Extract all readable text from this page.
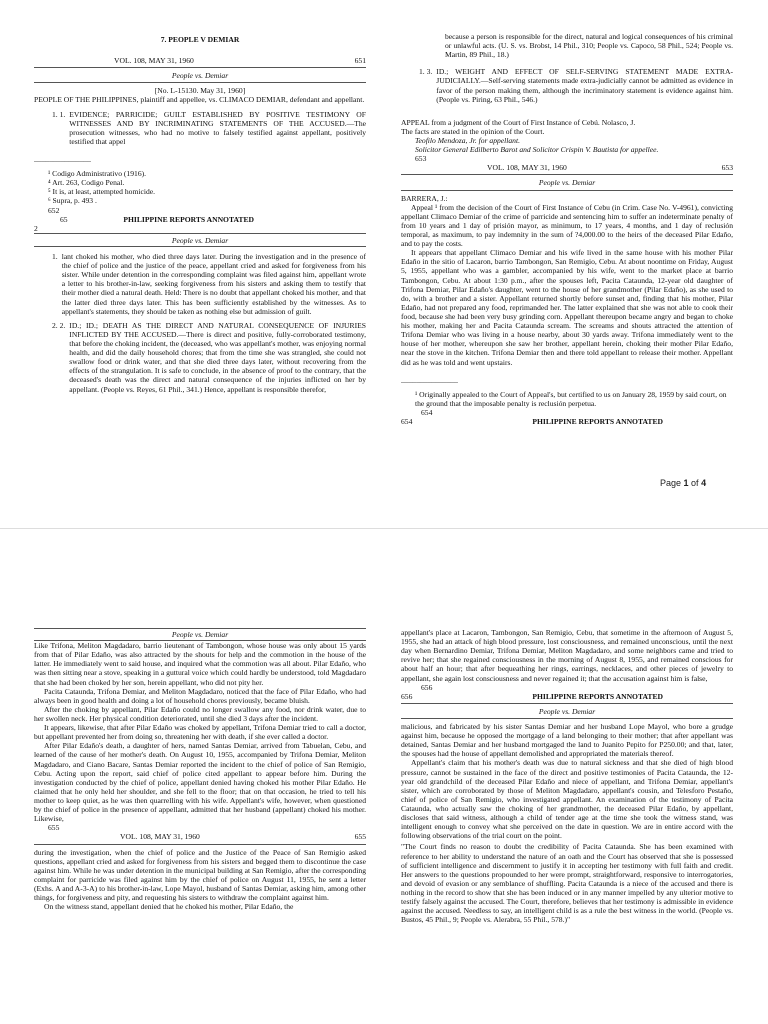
7. PEOPLE V DEMIAR
VOL. 108, MAY 31, 1960	651
People vs. Demiar
[No. L-15130. May 31, 1960]
PEOPLE OF THE PHILIPPINES, plaintiff and appellee, vs. CLIMACO DEMIAR, defendant and appellant.
1. 1. EVIDENCE; PARRICIDE; GUILT ESTABLISHED BY POSITIVE TESTIMONY OF WITNESSES AND BY INCRIMINATING STATEMENTS OF THE ACCUSED.—The prosecution witnesses, who had no motive to falsely testified against appellant, positively testified that appel
_______________
¹ Codigo Administrativo (1916).
⁴ Art. 263, Codigo Penal.
⁵ It is, at least, attempted homicide.
⁶ Supra, p. 493 .
652
65	PHILIPPINE REPORTS ANNOTATED
2
People vs. Demiar
1. lant choked his mother, who died three days later. During the investigation and in the presence of the chief of police and the justice of the peace, appellant cried and asked for forgiveness from his sister. While under detention in the corresponding complaint was filed against him, appellant wrote a letter to his brother-in-law, seeking forgiveness from his sisters and asking them to testify that their mother died a natural death. Held: There is no doubt that appellant choked his mother, and that the latter died three days later. This has been sufficiently established by the witnesses. As to appellant's statements, they should be taken as nothing else but admission of guilt.
2. 2. ID.; ID.; DEATH AS THE DIRECT AND NATURAL CONSEQUENCE OF INJURIES INFLICTED BY THE ACCUSED.—There is direct and positive, fully-corroborated testimony, that before the choking incident, the (deceased, who was appellant's mother, was enjoying normal health, and did the daily household chores; that from the time she was strangled, she could not swallow food or drink water, and that she died three days later, without recovering from the effects of the strangulation. It is safe to conclude, in the absence of proof to the contrary, that the deceased's death was the direct and natural consequence of the injuries inflicted on her by appellant. (People vs. Reyes, 61 Phil., 341.) Hence, appellant is responsible therefor,
because a person is responsible for the direct, natural and logical consequences of his criminal or unlawful acts. (U. S. vs. Brobst, 14 Phil., 310; People vs. Capoco, 58 Phil., 524; People vs. Martin, 89 Phil., 18.)
1. 3. ID.; WEIGHT AND EFFECT OF SELF-SERVING STATEMENT MADE EXTRA-JUDICIALLY.—Self-serving statements made extra-judicially cannot be admitted as evidence in favor of the person making them, although the incriminatory statement is evidence against him. (People vs. Piring, 63 Phil., 546.)
APPEAL from a judgment of the Court of First Instance of Cebú. Nolasco, J.
The facts are stated in the opinion of the Court.
Teofilo Mendoza, Jr. for appellant.
Solicitor General Edilberto Barot and Solicitor Crispin V. Bautista for appellee.
653
VOL. 108, MAY 31, 1960	653
People vs. Demiar
BARRERA, J.:

Appeal ¹ from the decision of the Court of First Instance of Cebu (in Crim. Case No. V-4961), convicting appellant Climaco Demiar of the crime of parricide and sentencing him to suffer an indeterminate penalty of from 10 years and 1 day of prisión mayor, as minimum, to 17 years, 4 months, and 1 day of reclusión temporal, as maximum, to pay indemnity in the sum of ?4,000.00 to the heirs of the deceased Pilar Edaño, and to pay the costs.

It appears that appellant Climaco Demiar and his wife lived in the same house with his mother Pilar Edaño in the sitio of Lacaron, barrio Tambongon, San Remigio, Cebu. At about noontime on Friday, August 5, 1955, appellant who was a gambler, accompanied by his wife, went to the market place at barrio Tambongon, Cebu. At about 1:30 p.m., after the spouses left, Pacita Cataunda, 12-year old daughter of Trifona Demiar, Pilar Edaño's daughter, went to the house of her grandmother (Pilar Edaño), as she used to do, with a brother and a sister. Appellant returned shortly before sunset and, finding that his mother, Pilar Edaño, had not prepared any food, reprimanded her. The latter explained that she was not able to cook their food, because she had been very busy grinding corn. Appellant thereupon became angry and began to choke his mother, making her and Pacita Cataunda scream. The screams and shouts attracted the attention of Trifona Demiar who was living in a house nearby, about 30 yards away. Trifona immediately went to the house of her mother, whereupon she saw her brother, appellant herein, choking their mother Pilar Edaño, near the stove in the kitchen. Trifona Demiar then and there told appellant to release their mother. Appellant did as he was told and went upstairs.

_______________
¹ Originally appealed to the Court of Appeal's, but certified to us on January 28, 1959 by said court, on the ground that the imposable penalty is reclusión perpetua.
654
654	PHILIPPINE REPORTS ANNOTATED
Page 1 of 4
People vs. Demiar

Like Trifona, Meliton Magdadaro, barrio lieutenant of Tambongon, whose house was only about 15 yards from that of Pilar Edaño, was also attracted by the shouts for help and the commotion in the house of the latter. He immediately went to said house, and inquired what the commotion was all about. Pilar Edaño, who was then sitting near a stove, speaking in a guttural voice which could hardly be understood, told Magdadaro that she had been choked by her son, herein appellant, who did not pity her.

Pacita Cataunda, Trifona Demiar, and Meliton Magdadaro, noticed that the face of Pilar Edaño, who had always been in good health and doing a lot of household chores previously, became bluish.

After the choking by appellant, Pilar Edaño could no longer swallow any food, nor drink water, due to her swollen neck. Her physical condition deteriorated, until she died 3 days after the incident.

It appears, likewise, that after Pilar Edaño was choked by appellant, Trifona Demiar tried to call a doctor, but appellant prevented her from doing so, threatening her with death, if she ever called a doctor.

After Pilar Edaño's death, a daughter of hers, named Santas Demiar, arrived from Tabuelan, Cebu, and learned of the cause of her mother's death. On August 10, 1955, accompanied by Trifona Demiar, Meliton Magdadaro, and Ciano Bacare, Santas Demiar reported the incident to the chief of police of San Remigio, Cebu. Acting upon the report, said chief of police cited appellant to appear before him. During the investigation conducted by the chief of police, appellant denied having choked his mother Pilar Edaño. He claimed that he only held her shoulder, and she fell to the floor; that on that occasion, he tried to tell his mother to keep quiet, as he was then quarrelling with his wife. Appellant's wife, however, when questioned by the chief of police in the presence of appellant, admitted that her husband (appellant) choked his mother. Likewise,

655
VOL. 108, MAY 31, 1960	655

during the investigation, when the chief of police and the Justice of the Peace of San Remigio asked questions, appellant cried and asked for forgiveness from his sisters and begged them to discontinue the case against him. While he was under detention in the municipal building at San Remigio, after the corresponding complaint for parricide was filed against him by the chief of police on August 11, 1955, he sent a letter (Exhs. A and A-3-A) to his brother-in-law, Lope Mayol, husband of Santas Demiar, asking him, among other things, for forgiveness and pity, and requesting his sisters to withdraw the complaint against him.

On the witness stand, appellant denied that he choked his mother, Pilar Edaño, the

appellant's place at Lacaron, Tambongon, San Remigio, Cebu, that sometime in the afternoon of August 5, 1955, she had an attack of high blood pressure, lost consciousness, and remained unconscious, until the next day when Bernardino Demiar, Trifona Demiar, Meliton Magdadaro, and some neighbors came and tried to revive her; that she regained consciousness in the morning of August 8, 1955, and remained conscious for about half an hour; that after bequeathing her rings, earrings, necklaces, and other pieces of jewelry to appellant, she again lost consciousness and never regained it; that the accusation against him is false,

656
656	PHILIPPINE REPORTS ANNOTATED
People vs. Demiar

malicious, and fabricated by his sister Santas Demiar and her husband Lope Mayol, who bore a grudge against him, because he opposed the mortgage of a land belonging to their mother; that after appellant was detained, Santas Demiar and her husband mortgaged the land to Juanito Pepito for P250.00; and that, later, the spouses had the house of appellant demolished and appropriated the materials thereof.

Appellant's claim that his mother's death was due to natural sickness and that she died of high blood pressure, cannot be sustained in the face of the direct and positive testimonies of Pacita Cataunda, the 12-year old grandchild of the deceased Pilar Edaño and niece of appellant, and Trifona Demiar, appellant's sister, which are corroborated by those of Meliton Magdadaro, appellant's cousin, and Telesforo Pestaño, chief of police of San Remigio, who investigated appellant. An examination of the testimony of Pacita Cataunda, who actually saw the choking of her grandmother, the deceased Pilar Edaño, by appellant, discloses that said witness, although a child of tender age at the time she took the witness stand, was intelligent enough to convey what she perceived on the date in question. We are in entire accord with the following observations of the trial court on the point.

"The Court finds no reason to doubt the credibility of Pacita Cataunda. She has been examined with reference to her ability to understand the nature of an oath and the Court has observed that she is possessed of sufficient intelligence and discernment to justify it in accepting her testimony with full faith and credit. Her answers to the questions propounded to her were prompt, straightforward, responsive to interrogatories, and devoid of evasion or any semblance of shuffling. Pacita Cataunda is a niece of the accused and there is nothing in the record to show that she has been induced or in any manner impelled by any ulterior motive to testify falsely against the accused. The Court, therefore, believes that her testimony is admissible in evidence against the accused. Needless to say, an intelligent child is as a rule the best witness in the world. (People vs. Bustos, 45 Phil., 9; People vs. Alerabra, 55 Phil., 578.)"
